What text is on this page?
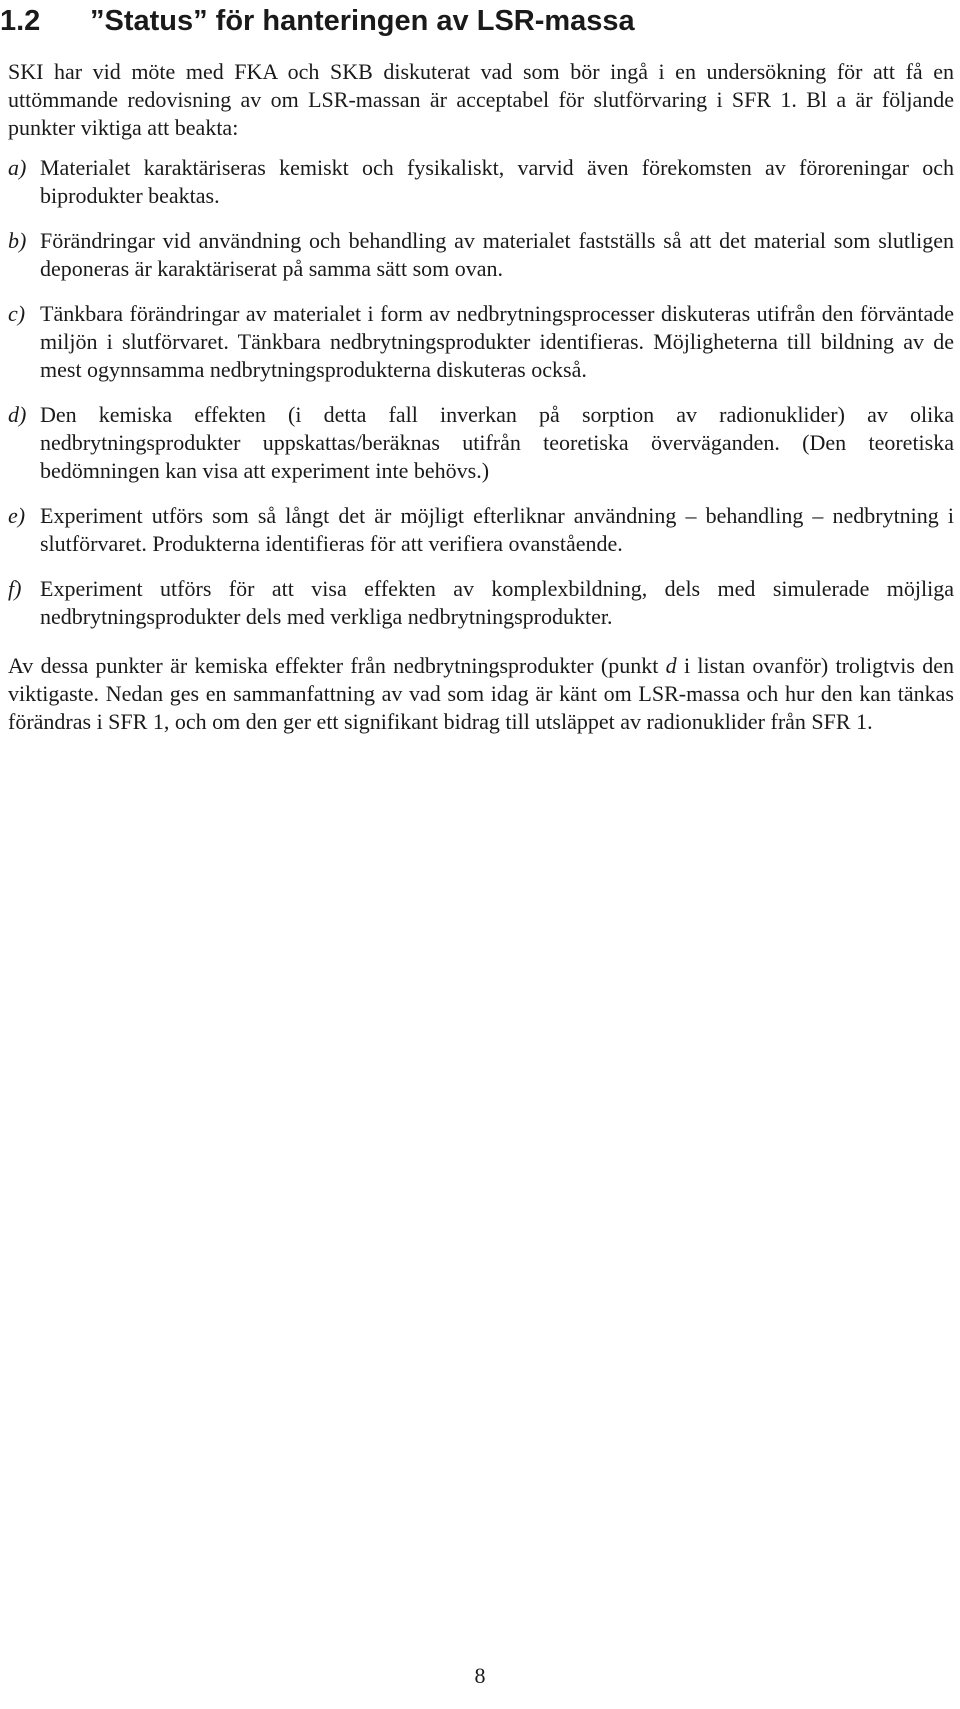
1.2 ”Status” för hanteringen av LSR-massa

SKI har vid möte med FKA och SKB diskuterat vad som bör ingå i en undersökning för att få en uttömmande redovisning av om LSR-massan är acceptabel för slutförvaring i SFR 1. Bl a är följande punkter viktiga att beakta:

a) Materialet karaktäriseras kemiskt och fysikaliskt, varvid även förekomsten av föroreningar och biprodukter beaktas.
b) Förändringar vid användning och behandling av materialet fastställs så att det material som slutligen deponeras är karaktäriserat på samma sätt som ovan.
c) Tänkbara förändringar av materialet i form av nedbrytningsprocesser diskuteras utifrån den förväntade miljön i slutförvaret. Tänkbara nedbrytningsprodukter identifieras. Möjligheterna till bildning av de mest ogynnsamma nedbrytningsprodukterna diskuteras också.
d) Den kemiska effekten (i detta fall inverkan på sorption av radionuklider) av olika nedbrytningsprodukter uppskattas/beräknas utifrån teoretiska överväganden. (Den teoretiska bedömningen kan visa att experiment inte behövs.)
e) Experiment utförs som så långt det är möjligt efterliknar användning – behandling – nedbrytning i slutförvaret. Produkterna identifieras för att verifiera ovanstående.
f) Experiment utförs för att visa effekten av komplexbildning, dels med simulerade möjliga nedbrytningsprodukter dels med verkliga nedbrytningsprodukter.

Av dessa punkter är kemiska effekter från nedbrytningsprodukter (punkt d i listan ovanför) troligtvis den viktigaste. Nedan ges en sammanfattning av vad som idag är känt om LSR-massa och hur den kan tänkas förändras i SFR 1, och om den ger ett signifikant bidrag till utsläppet av radionuklider från SFR 1.

8
